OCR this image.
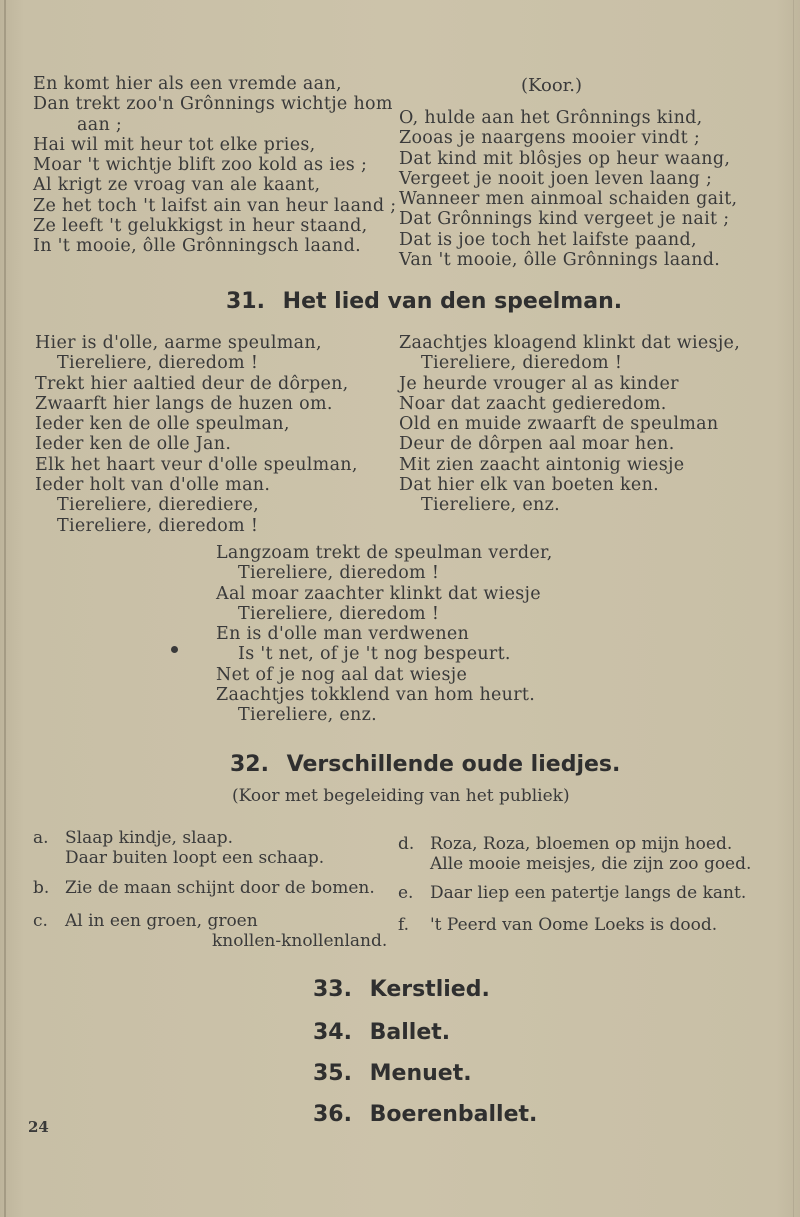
En komt hier als een vremde aan,
Dan trekt zoo'n Grônnings wichtje hom
aan ;
Hai wil mit heur tot elke pries,
Moar 't wichtje blift zoo kold as ies ;
Al krigt ze vroag van ale kaant,
Ze het toch 't laifst ain van heur laand ;
Ze leeft 't gelukkigst in heur staand,
In 't mooie, ôlle Grônningsch laand.
(Koor.)
O, hulde aan het Grônnings kind,
Zooas je naargens mooier vindt ;
Dat kind mit blôsjes op heur waang,
Vergeet je nooit joen leven laang ;
Wanneer men ainmoal schaiden gait,
Dat Grônnings kind vergeet je nait ;
Dat is joe toch het laifste paand,
Van 't mooie, ôlle Grônnings laand.
31. Het lied van den speelman.
Hier is d'olle, aarme speulman,
Tiereliere, dieredom !
Trekt hier aaltied deur de dôrpen,
Zwaarft hier langs de huzen om.
Ieder ken de olle speulman,
Ieder ken de olle Jan.
Elk het haart veur d'olle speulman,
Ieder holt van d'olle man.
Tiereliere, dierediere,
Tiereliere, dieredom !
Zaachtjes kloagend klinkt dat wiesje,
Tiereliere, dieredom !
Je heurde vrouger al as kinder
Noar dat zaacht gedieredom.
Old en muide zwaarft de speulman
Deur de dôrpen aal moar hen.
Mit zien zaacht aintonig wiesje
Dat hier elk van boeten ken.
Tiereliere, enz.
Langzoam trekt de speulman verder,
Tiereliere, dieredom !
Aal moar zaachter klinkt dat wiesje
Tiereliere, dieredom !
En is d'olle man verdwenen
Is 't net, of je 't nog bespeurt.
Net of je nog aal dat wiesje
Zaachtjes tokklend van hom heurt.
Tiereliere, enz.
32. Verschillende oude liedjes.
(Koor met begeleiding van het publiek)
a. Slaap kindje, slaap.
Daar buiten loopt een schaap.
b. Zie de maan schijnt door de bomen.
c. Al in een groen, groen
knollen-knollenland.
d. Roza, Roza, bloemen op mijn hoed.
Alle mooie meisjes, die zijn zoo goed.
e. Daar liep een patertje langs de kant.
f. 't Peerd van Oome Loeks is dood.
33. Kerstlied.
34. Ballet.
35. Menuet.
36. Boerenballet.
24
